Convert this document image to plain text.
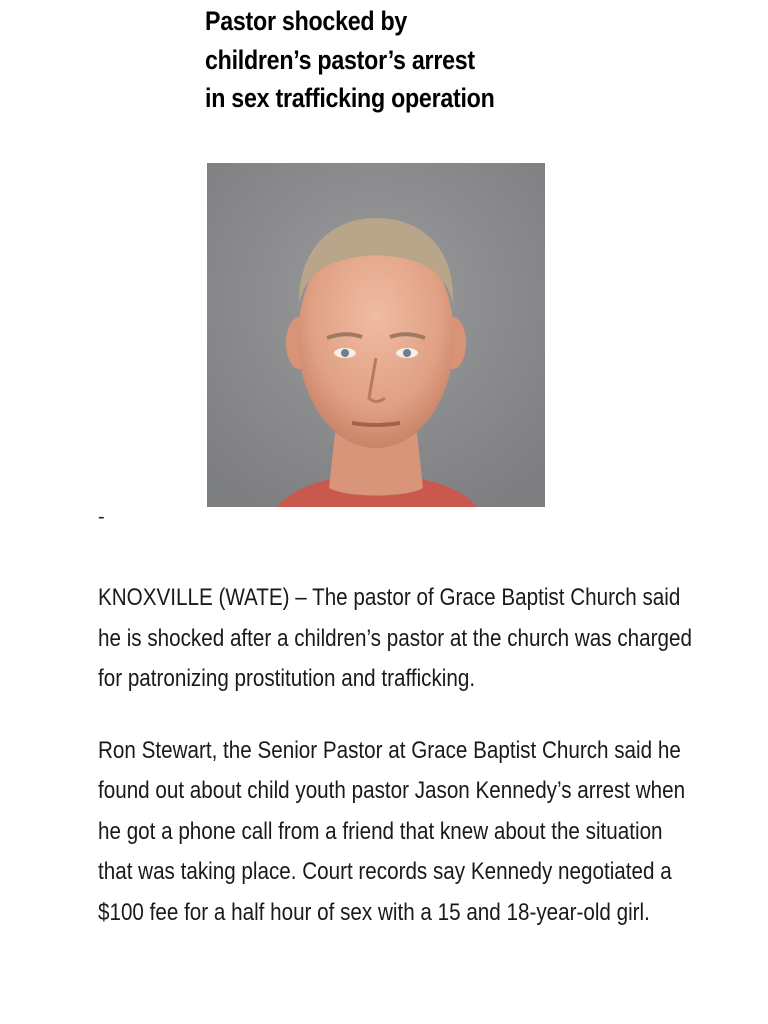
Pastor shocked by children’s pastor’s arrest in sex trafficking operation
-

KNOXVILLE (WATE) – The pastor of Grace Baptist Church said he is shocked after a children’s pastor at the church was charged for patronizing prostitution and trafficking.

Ron Stewart, the Senior Pastor at Grace Baptist Church said he found out about child youth pastor Jason Kennedy’s arrest when he got a phone call from a friend that knew about the situation that was taking place. Court records say Kennedy negotiated a $100 fee for a half hour of sex with a 15 and 18-year-old girl.
